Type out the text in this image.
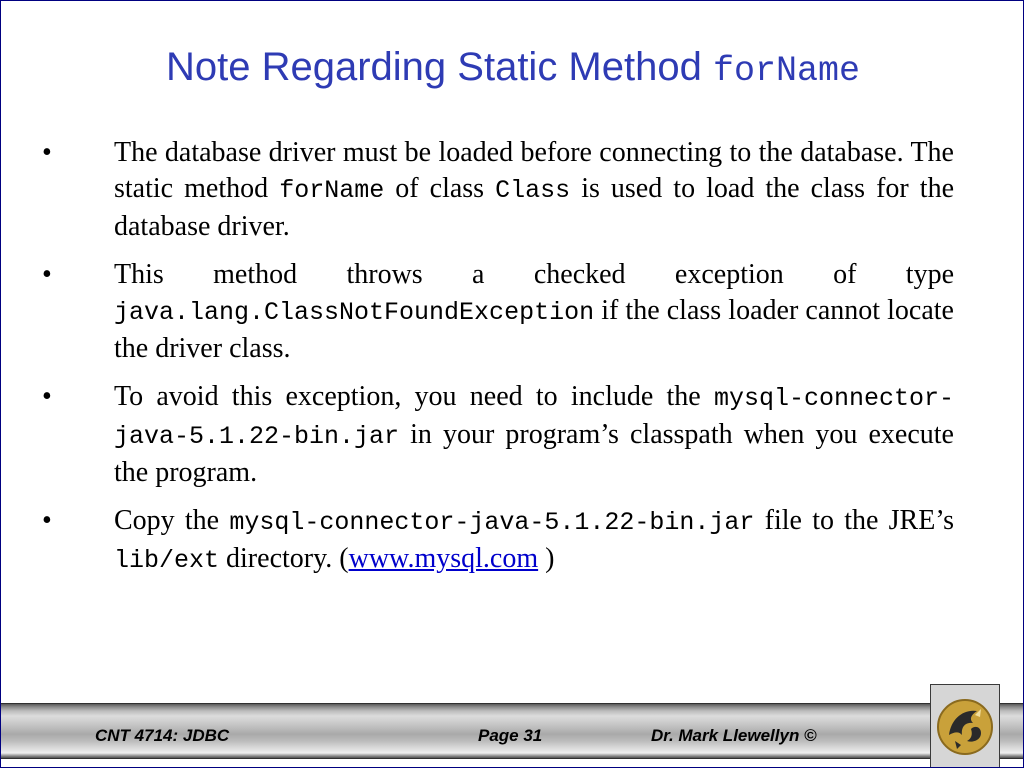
Note Regarding Static Method forName
• The database driver must be loaded before connecting to the database. The static method forName of class Class is used to load the class for the database driver.
• This method throws a checked exception of type java.lang.ClassNotFoundException if the class loader cannot locate the driver class.
• To avoid this exception, you need to include the mysql-connector-java-5.1.22-bin.jar in your program’s classpath when you execute the program.
• Copy the mysql-connector-java-5.1.22-bin.jar file to the JRE’s lib/ext directory. (www.mysql.com )
CNT 4714: JDBC	Page 31	Dr. Mark Llewellyn ©
